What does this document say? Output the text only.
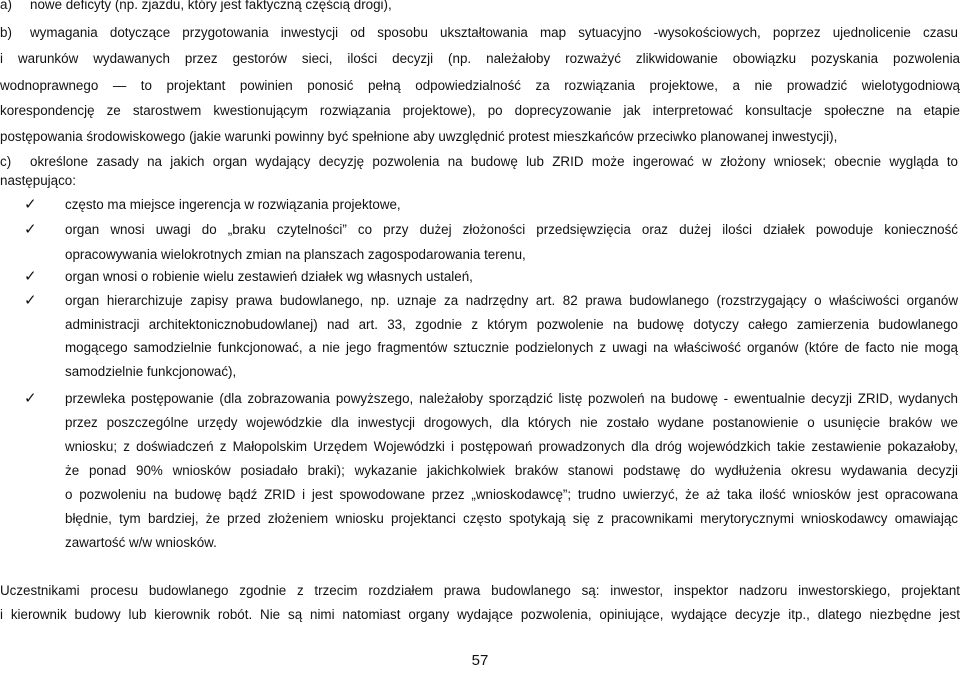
a) nowe deficyty (np. zjazdu, który jest faktyczną częścią drogi),
b) wymagania dotyczące przygotowania inwestycji od sposobu ukształtowania map sytuacyjno -wysokościowych, poprzez ujednolicenie czasu
i warunków wydawanych przez gestorów sieci, ilości decyzji (np. należałoby rozważyć zlikwidowanie obowiązku pozyskania pozwolenia
wodnoprawnego — to projektant powinien ponosić pełną odpowiedzialność za rozwiązania projektowe, a nie prowadzić wielotygodniową
korespondencję ze starostwem kwestionującym rozwiązania projektowe), po doprecyzowanie jak interpretować konsultacje społeczne na etapie
postępowania środowiskowego (jakie warunki powinny być spełnione aby uwzględnić protest mieszkańców przeciwko planowanej inwestycji),
c) określone zasady na jakich organ wydający decyzję pozwolenia na budowę lub ZRID może ingerować w złożony wniosek; obecnie wygląda to
następująco:
✓ często ma miejsce ingerencja w rozwiązania projektowe,
✓ organ wnosi uwagi do „braku czytelności” co przy dużej złożoności przedsięwzięcia oraz dużej ilości działek powoduje konieczność
opracowywania wielokrotnych zmian na planszach zagospodarowania terenu,
✓ organ wnosi o robienie wielu zestawień działek wg własnych ustaleń,
✓ organ hierarchizuje zapisy prawa budowlanego, np. uznaje za nadrzędny art. 82 prawa budowlanego (rozstrzygający o właściwości organów
administracji architektonicznobudowlanej) nad art. 33, zgodnie z którym pozwolenie na budowę dotyczy całego zamierzenia budowlanego
mogącego samodzielnie funkcjonować, a nie jego fragmentów sztucznie podzielonych z uwagi na właściwość organów (które de facto nie mogą
samodzielnie funkcjonować),
✓ przewleka postępowanie (dla zobrazowania powyższego, należałoby sporządzić listę pozwoleń na budowę - ewentualnie decyzji ZRID, wydanych
przez poszczególne urzędy wojewódzkie dla inwestycji drogowych, dla których nie zostało wydane postanowienie o usunięcie braków we
wniosku; z doświadczeń z Małopolskim Urzędem Wojewódzki i postępowań prowadzonych dla dróg wojewódzkich takie zestawienie pokazałoby,
że ponad 90% wniosków posiadało braki); wykazanie jakichkolwiek braków stanowi podstawę do wydłużenia okresu wydawania decyzji
o pozwoleniu na budowę bądź ZRID i jest spowodowane przez „wnioskodawcę”; trudno uwierzyć, że aż taka ilość wniosków jest opracowana
błędnie, tym bardziej, że przed złożeniem wniosku projektanci często spotykają się z pracownikami merytorycznymi wnioskodawcy omawiając
zawartość w/w wniosków.
Uczestnikami procesu budowlanego zgodnie z trzecim rozdziałem prawa budowlanego są: inwestor, inspektor nadzoru inwestorskiego, projektant
i kierownik budowy lub kierownik robót. Nie są nimi natomiast organy wydające pozwolenia, opiniujące, wydające decyzje itp., dlatego niezbędne jest
57
